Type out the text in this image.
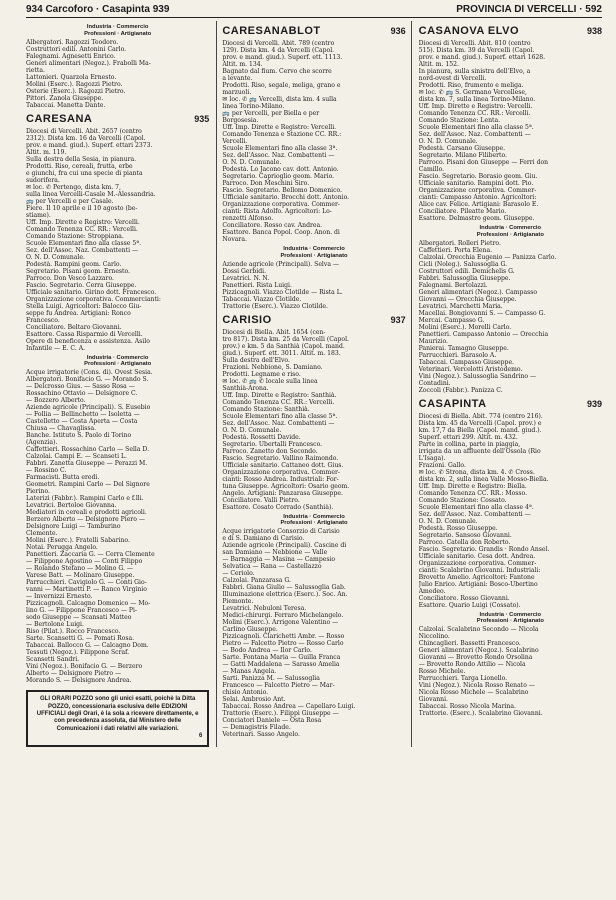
934 Carcoforo · Casapinta 939	PROVINCIA DI VERCELLI · 592
Industria · Commercio
Professioni · Artigianato
Albergatori. Ragozzi Teodoro.
Costruttori edili. Antonini Carlo.
Falegnami. Agnesetti Enrico.
Generi alimentari (Negoz.). Frabolli Ma-
rietta.
Lattonieri. Quarzola Ernesto.
Molini (Eserc.). Ragozzi Pietro.
Osterie (Eserc.). Ragozzi Pietro.
Pittori. Zanola Giuseppe.
Tabaccai. Manetta Dante.
CARESANA	935
Diocesi di Vercelli. Abit. 2657 (centro
2312). Dista km. 16 da Vercelli (Capol.
prov. e mand. giud.). Superf. ettari 2373.
Altit. m. 119.
Sulla destra della Sesia, in pianura.
Prodotti. Riso, cereali, frutta, erbe
e giunchi, fra cui una specie di pianta
sudorifera.
✉ loc. ✆ Pertengo, dista km. 7,
sulla linea Vercelli-Casale M.-Alessandria.
🚌 per Vercelli e per Casale.
Fiere. Il 10 aprile e il 10 agosto (be-
stiame).
Uff. Imp. Dirette e Registro: Vercelli.
Comando Tenenza CC. RR.: Vercelli.
Comando Stazione: Stroppiana.
Scuole Elementari fino alla classe 5ª.
Sez. dell'Assoc. Naz. Combattenti —
O. N. D. Comunale.
Podestà. Rampini geom. Carlo.
Segretario. Pisani geom. Ernesto.
Parroco. Don Vesco Lazzaro.
Fascio. Segretario. Cerra Giuseppe.
Ufficiale sanitario. Girino dott. Francesco.
Organizzazione corporativa. Commercianti:
Stella Luigi. Agricoltori: Balocco Giu-
seppe fu Andrea. Artigiani: Ronco
Francesco.
Conciliatore. Beltaro Giovanni.
Esattore. Cassa Risparmio di Vercelli.
Opere di beneficenza e assistenza. Asilo
Infantile — E. C. A.
Industria · Commercio
Professioni · Artigianato
Acque irrigatorie (Cons. di). Ovest Sesia.
Albergatori. Bonifacio G. — Morando S.
— Delcrosso Gius. — Sasso Rosa —
Rossachino Ottavio — Delsignore C.
— Bozzero Alberto.
Aziende agricole (Principali). S. Eusebio
— Follia — Bellinchetto — Isoletta —
Castelletto — Costa Aperta — Costa
Chiusa — Chavaglissa.
Banche. Istituto S. Paolo di Torino
(Agenzia).
Caffettieri. Rossachino Carlo — Sella D.
Calzolai. Campi E. — Scanseti L.
Fabbri. Zanetta Giuseppe — Perazzi M.
— Rossino C.
Farmacisti. Butta eredi.
Geometri. Rampini Carlo — Del Signore
Pierino.
Laterizi (Fabbr.). Rampini Carlo e f.lli.
Levatrici. Bertoloe Giovanna.
Mediatori in cereali e prodotti agricoli.
Berzero Alberto — Delsignore Piero —
Delsignore Luigi — Tamburino
Clemente.
Molini (Eserc.). Fratelli Sabarino.
Notai. Perugga Angelo.
Panettieri. Zaccaria G. — Cerra Clemente
— Filippone Agostino — Conti Filippo
— Rolando Stefano — Molino G. —
Varese Batt. — Molinaro Giuseppe.
Parrucchieri. Cavigiolo G. — Conti Gio-
vanni — Martinetti P. — Ranco Virginio
— Invernizzi Ernesto.
Pizzicagnoli. Calcagno Domenico — Mo-
lino G. — Filippone Francesco — Pi-
sodo Giuseppe — Scansati Matteo
— Bertolone Luigi.
Riso (Pilat.). Rocco Francesco.
Sarte. Scansetti G. — Pomati Rosa.
Tabaccai. Ballocco G. — Calcagno Dom.
Tessuti (Negoz.). Filippone Scraf.
Scansetti Sandri.
Vini (Negoz.). Bonifacio G. — Berzero
Alberto — Delsignore Pietro —
Morando S. — Delsignore Andrea.
GLI ORARI POZZO sono gli unici esatti, poichè la Ditta POZZO, concessionaria esclusiva delle EDIZIONI UFFICIALI degli Orari, è la sola a ricevere direttamente, e con precedenza assoluta, dal Ministero delle Comunicazioni i dati relativi alle variazioni.
6
CARESANABLOT	936
Diocesi di Vercelli. Abit. 789 (centro
129). Dista km. 4 da Vercelli (Capol.
prov. e mand. giud.). Superf. ett. 1113.
Altit. m. 134.
Bagnato dal fium. Cervo che scorre
a levante.
Prodotti. Riso, segale, meliga, grano e
marzuoli.
✉ loc. ✆ 🚌 Vercelli, dista km. 4 sulla
linea Torino-Milano.
🚌 per Vercelli, per Biella e per
Borgosesia.
Uff. Imp. Dirette e Registro: Vercelli.
Comando Tenenza e Stazione CC. RR.:
Vercelli.
Scuole Elementari fino alla classe 3ª.
Sez. dell'Assoc. Naz. Combattenti —
O. N. D. Comunale.
Podestà. Lo Jacono cav. dott. Antonio.
Segretario. Caprioglio geom. Mario.
Parroco. Don Meschini Siro.
Fascio. Segretario. Bellomo Domenico.
Ufficiale sanitario. Brocchi dott. Antonio.
Organizzazione corporativa. Commer-
cianti: Rista Adolfo. Agricoltori: Lo-
renzetti Alfonso.
Conciliatore. Rosso cav. Andrea.
Esattore. Banca Popol. Coop. Anon. di
Novara.
Industria · Commercio
Professioni · Artigianato
Aziende agricole (Principali). Selva —
Dossi Gerbidi.
Levatrici. N. N.
Panettieri. Rista Luigi.
Pizzicagnoli. Viazzo Clotilde — Rista L.
Tabaccai. Viazzo Clotilde.
Trattorie (Eserc.). Viazzo Clotilde.
CARISIO	937
Diocesi di Biella. Abit. 1654 (cen-
tro 817). Dista km. 25 da Vercelli (Capol.
prov.) e km. 5 da Santhià (Capol. mand.
giud.). Superf. ett. 3011. Altit. m. 183.
Sulla destra dell'Elvo.
Frazioni. Nebbione, S. Damiano.
Prodotti. Legname e riso.
✉ loc. ✆ 🚌 ✆ locale sulla linea
Santhià-Arona.
Uff. Imp. Dirette e Registro: Santhià.
Comando Tenenza CC. RR.: Vercelli.
Comando Stazione: Santhià.
Scuole Elementari fino alla classe 5ª.
Sez. dell'Assoc. Naz. Combattenti —
O. N. D. Comunale.
Podestà. Rossetti Davide.
Segretario. Ubertalli Francesco.
Parroco. Zanetto don Secondo.
Fascio. Segretario. Vallino Raimondo.
Ufficiale sanitario. Cattaneo dott. Gius.
Organizzazione corporativa. Commer-
cianti: Rosso Andrea. Industriali: For-
tuna Giuseppe. Agricoltori: Osario geom.
Angelo. Artigiani: Panzarasa Giuseppe.
Conciliatore. Valli Pietro.
Esattore. Cosato Corrado (Santhià).
Industria · Commercio
Professioni · Artigianato
Acque irrigatorie Consorzio di Carisio
e di S. Damiano di Carisio.
Aziende agricole (Principali). Cascine di
san Damiano — Nebbione — Valle
— Barnaggia — Masina — Campesio
Selvatica — Rana — Castellazzo
— Ceriolo.
Calzolai. Panzarasa G.
Fabbri. Giana Giulio — Salussoglia Gab.
Illuminazione elettrica (Eserc.). Soc. An.
Piemonte.
Levatrici. Nebuloni Teresa.
Medici-chirurgi. Ferraro Michelangelo.
Molini (Eserc.). Arrigone Valentino —
Carlino Giuseppe.
Pizzicagnoli. Clarichetti Ambr. — Rosso
Pietro — Falcetto Pietro — Rosso Carlo
— Bodo Andrea — Ilor Carlo.
Sarte. Fontana Maria — Guilla Franca
— Gatti Maddalena — Sarasso Amelia
— Manas Angela.
Sarti. Panizza M. — Salussoglia
Francesco — Falcetto Pietro — Mar-
chisio Antonio.
Selai. Ambrosio Ant.
Tabaccai. Rosso Andrea — Capellaro Luigi.
Trattorie (Eserc.). Filippi Giuseppe —
Conciatori Daniele — Osta Rosa
— Demagistris Filade.
Veterinari. Sasso Angelo.
CASANOVA ELVO	938
Diocesi di Vercelli. Abit. 810 (centro
515). Dista km. 39 da Vercelli (Capol.
prov. e mand. giud.). Superf. ettari 1628.
Altit. m. 152.
In pianura, sulla sinistra dell'Elvo, a
nord-ovest di Vercelli.
Prodotti. Riso, frumento e meliga.
✉ loc. ✆ 🚌 S. Germano Vercellese,
dista km. 7, sulla linea Torino-Milano.
Uff. Imp. Dirette e Registro: Vercelli.
Comando Tenenza CC. RR.: Vercelli.
Comando Stazione: Lenta.
Scuole Elementari fino alla classe 5ª.
Sez. dell'Assoc. Naz. Combattenti —
O. N. D. Comunale.
Podestà. Carsano Giuseppe.
Segretario. Milano Filiberto.
Parroco. Pisani don Giuseppe — Ferri don
Camillo.
Fascio. Segretario. Borasio geom. Giu.
Ufficiale sanitario. Rampini dott. Pio.
Organizzazione corporativa. Commer-
cianti: Campasso Antonio. Agricoltori:
Alice cav. Felice. Artigiani: Barasolo E.
Conciliatore. Pileatte Mario.
Esattore. Delmastro geom. Giuseppe.
Industria · Commercio
Professioni · Artigianato
Albergatori. Rolleri Pietro.
Caffettieri. Porta Elena.
Calzolai. Orecchia Eugenio — Panizza Carlo.
Cicli (Noleg.). Salussoglia G.
Costruttori edili. Demichelis G.
Fabbri. Salussoglia Giuseppe.
Falegnami. Bertolazzi.
Generi alimentari (Negoz.). Campasso
Giovanni — Orecchia Giuseppe.
Levatrici. Marchetti Maria.
Macellai. Bongiovanni S. — Campasso G.
Mercai. Campasso G.
Molini (Eserc.). Morelli Carlo.
Panettieri. Campasso Antonio — Orecchia
Maurizio.
Panierai. Tamagno Giuseppe.
Parrucchieri. Barasolo A.
Tabaccai. Campasso Giuseppe.
Veterinari. Vercelotti Aristodemo.
Vini (Negoz.). Salussoglia Sandrino —
Contadini.
Zoccoli (Fabbr.). Panizza C.
CASAPINTA	939
Diocesi di Biella. Abit. 774 (centro 216).
Dista km. 45 da Vercelli (Capol. prov.) e
km. 17,7 da Biella (Capol. mand. giud.).
Superf. ettari 299. Altit. m. 432.
Parte in collina, parte in piaggia,
irrigata da un affluente dell'Ossola (Rio
L'Isaga).
Frazioni. Gallo.
✉ loc. ✆ Strona, dista km. 4. ✆ Cross.
dista km. 2, sulla linea Valle Mosso-Biella.
Uff. Imp. Dirette e Registro: Biella.
Comando Tenenza CC. RR.: Mosso.
Comando Stazione: Cossato.
Scuole Elementari fino alla classe 4ª.
Sez. dell'Assoc. Naz. Combattenti —
O. N. D. Comunale.
Podestà. Rosso Giuseppe.
Segretario. Sansoso Giovanni.
Parroco. Catella don Roberto.
Fascio. Segretario. Grandis · Rondo Ansel.
Ufficiale sanitario. Cesa dott. Andrea.
Organizzazione corporativa. Commer-
cianti: Scalabrino Giovanni. Industriali:
Brovetto Amelio. Agricoltori: Fantone
Julio Enrico. Artigiani: Bosco-Ubertino
Amedeo.
Conciliatore. Rosso Giovanni.
Esattore. Quario Luigi (Cossato).
Industria · Commercio
Professioni · Artigianato
Calzolai. Scalabrino Secondo — Nicola
Niccolino.
Chincaglieri. Bassetti Francesco.
Generi alimentari (Negoz.). Scalabrino
Giovanni — Brovetto Rondo Orsolina
— Brovetto Rondo Attilio — Nicola
Rosso Michele.
Parrucchieri. Targa Lionello.
Vini (Negoz.). Nicola Rosso Renato —
Nicola Rosso Michele — Scalabrino
Giovanni.
Tabaccai. Rosso Nicola Marina.
Trattorie. (Eserc.). Scalabrino Giovanni.
